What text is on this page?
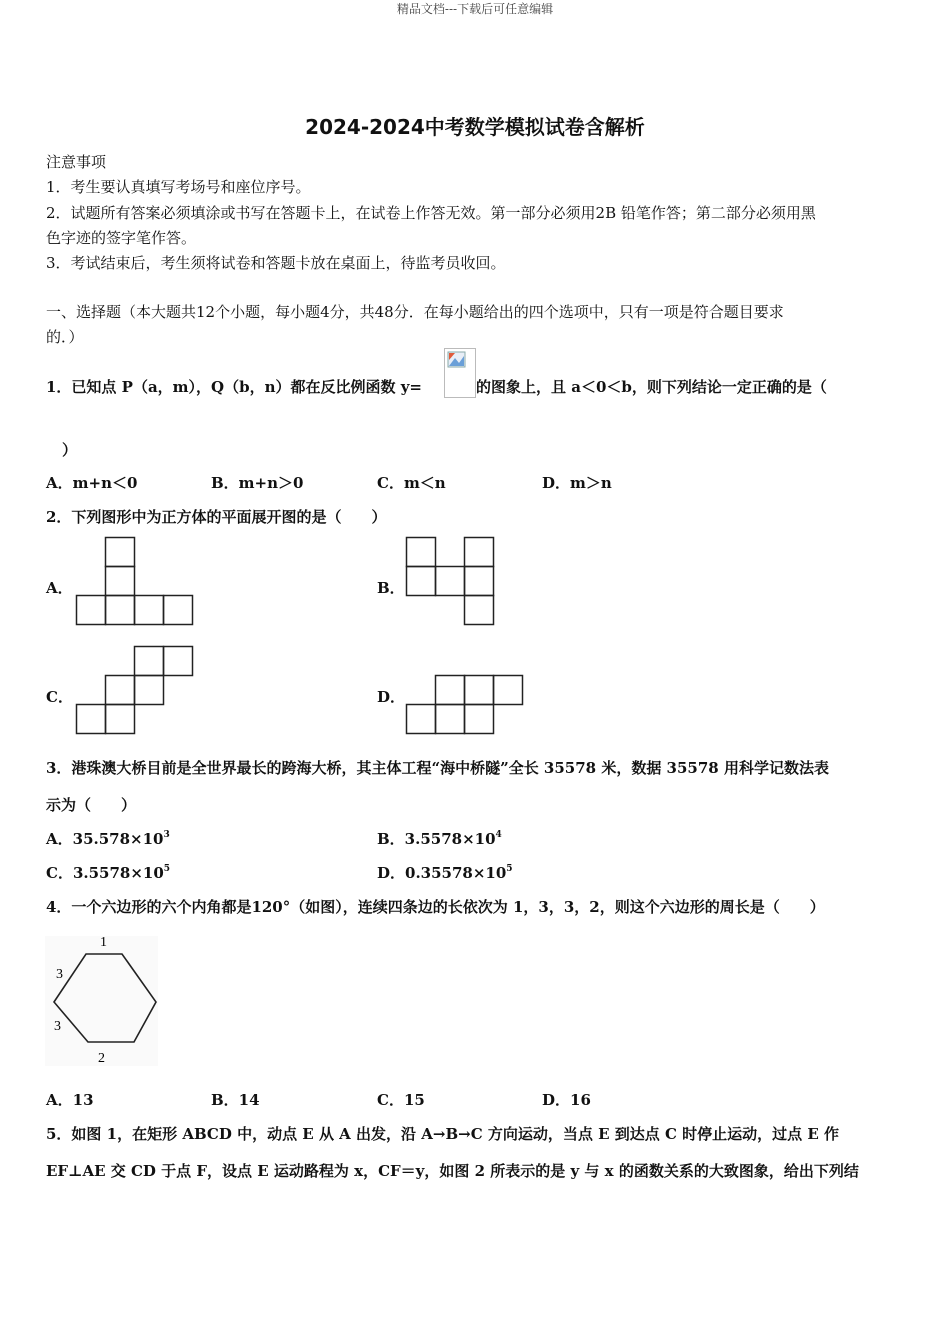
精品文档---下载后可任意编辑
2024-2024中考数学模拟试卷含解析
注意事项
1．考生要认真填写考场号和座位序号。
2．试题所有答案必须填涂或书写在答题卡上，在试卷上作答无效。第一部分必须用2B 铅笔作答；第二部分必须用黑
色字迹的签字笔作答。
3．考试结束后，考生须将试卷和答题卡放在桌面上，待监考员收回。
一、选择题（本大题共12个小题，每小题4分，共48分．在每小题给出的四个选项中，只有一项是符合题目要求
的．）
1．已知点 P（a，m），Q（b，n）都在反比例函数 y=	的图象上，且 a＜0＜b，则下列结论一定正确的是（
）
A．m+n＜0	B．m+n＞0	C．m＜n	D．m＞n
2．下列图形中为正方体的平面展开图的是（　　）
A．	B．
C．	D．
3．港珠澳大桥目前是全世界最长的跨海大桥，其主体工程“海中桥隧”全长 35578 米，数据 35578 用科学记数法表
示为（　　）
A．$35.578\times 10^3$	B．$3.5578\times 10^4$
C．$3.5578\times 10^5$	D．$0.35578\times 10^5$
4．一个六边形的六个内角都是120°（如图），连续四条边的长依次为 1，3，3，2，则这个六边形的周长是（　　）
1
3
3
2
A．13	B．14	C．15	D．16
5．如图 1，在矩形 ABCD 中，动点 E 从 A 出发，沿 A→B→C 方向运动，当点 E 到达点 C 时停止运动，过点 E 作
EF⊥AE 交 CD 于点 F，设点 E 运动路程为 x，CF＝y，如图 2 所表示的是 y 与 x 的函数关系的大致图象，给出下列结
